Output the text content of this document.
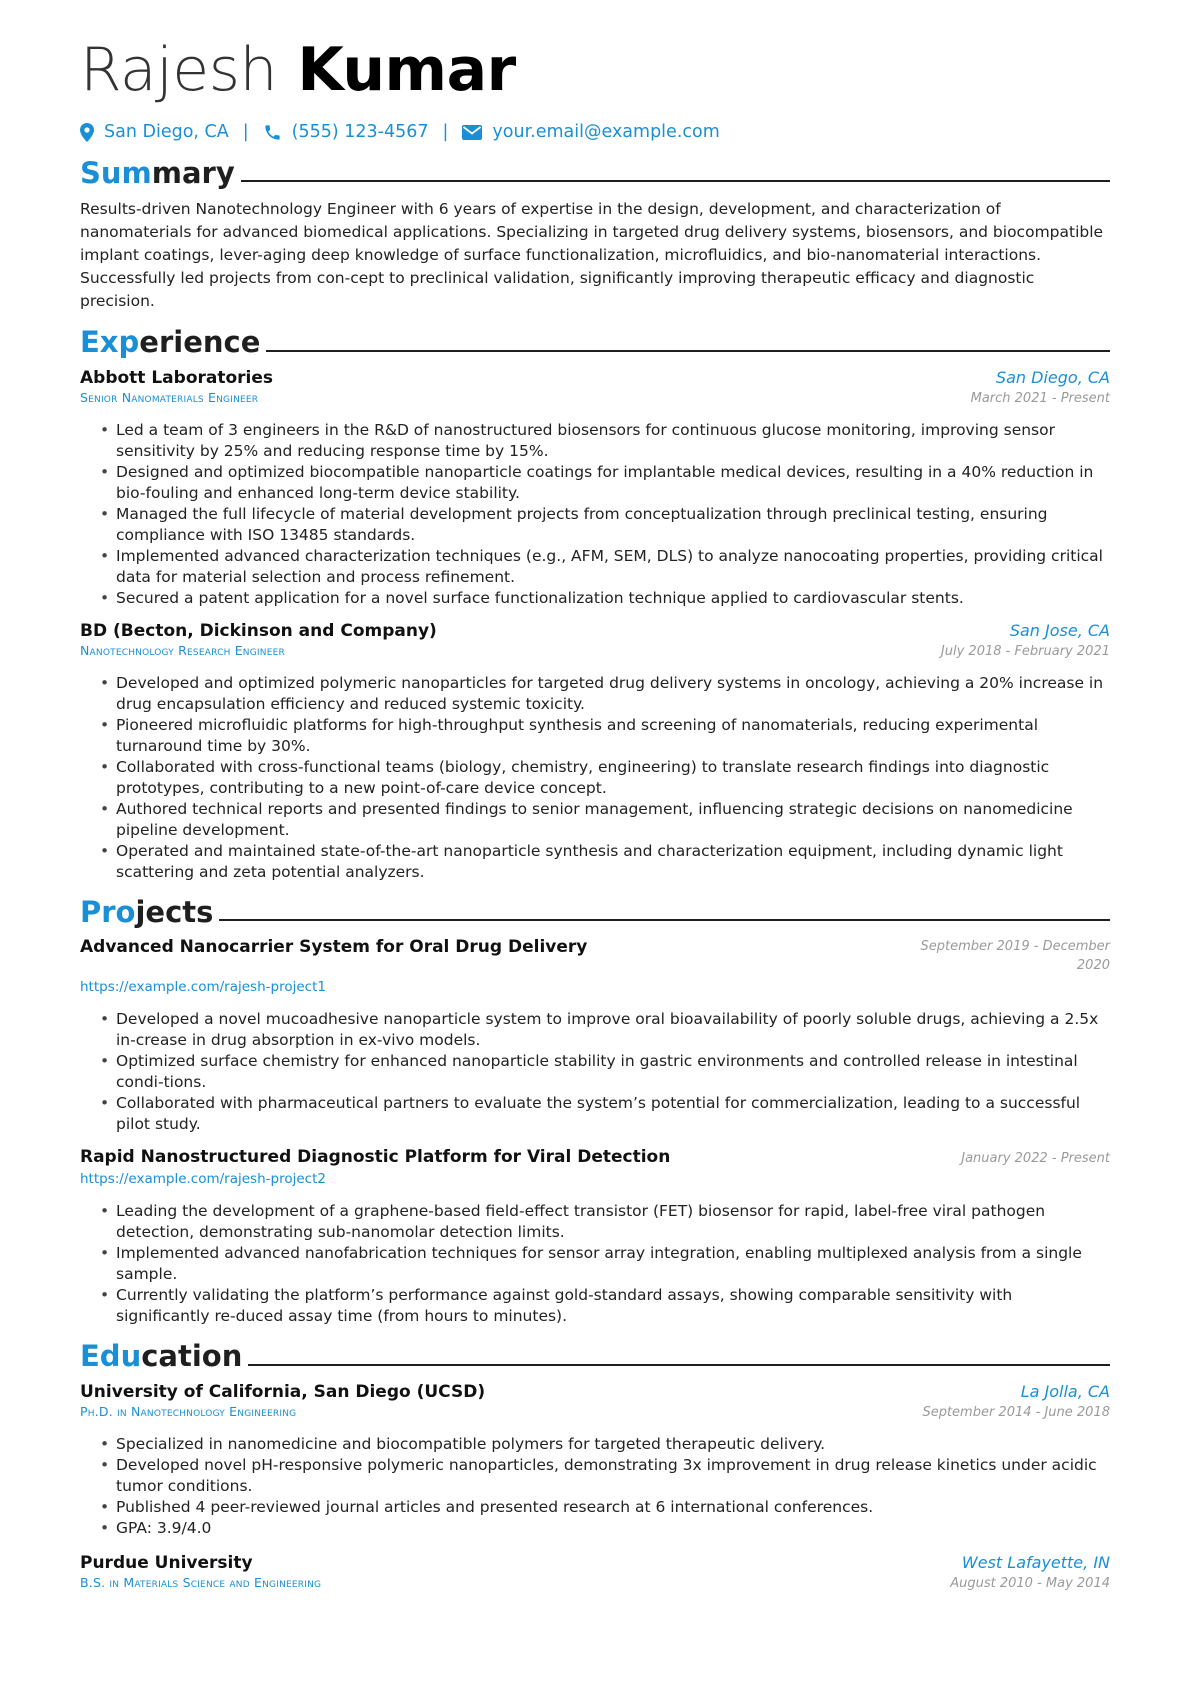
Rajesh Kumar
San Diego, CA | (555) 123-4567 |	your.email@example.com
Summary

Results-driven Nanotechnology Engineer with 6 years of expertise in the design, development, and characterization of nanomaterials for advanced biomedical applications. Specializing in targeted drug delivery systems, biosensors, and biocompatible implant coatings, lever-aging deep knowledge of surface functionalization, microfluidics, and bio-nanomaterial interactions. Successfully led projects from con-cept to preclinical validation, significantly improving therapeutic efficacy and diagnostic precision.

Experience
Abbott Laboratories	San Diego, CA
Senior Nanomaterials Engineer	March 2021 - Present
• Led a team of 3 engineers in the R&D of nanostructured biosensors for continuous glucose monitoring, improving sensor sensitivity by 25% and reducing response time by 15%.
• Designed and optimized biocompatible nanoparticle coatings for implantable medical devices, resulting in a 40% reduction in bio-fouling and enhanced long-term device stability.
• Managed the full lifecycle of material development projects from conceptualization through preclinical testing, ensuring compliance with ISO 13485 standards.
• Implemented advanced characterization techniques (e.g., AFM, SEM, DLS) to analyze nanocoating properties, providing critical data for material selection and process refinement.
• Secured a patent application for a novel surface functionalization technique applied to cardiovascular stents.
BD (Becton, Dickinson and Company)	San Jose, CA
Nanotechnology Research Engineer	July 2018 - February 2021
• Developed and optimized polymeric nanoparticles for targeted drug delivery systems in oncology, achieving a 20% increase in drug encapsulation efficiency and reduced systemic toxicity.
• Pioneered microfluidic platforms for high-throughput synthesis and screening of nanomaterials, reducing experimental turnaround time by 30%.
• Collaborated with cross-functional teams (biology, chemistry, engineering) to translate research findings into diagnostic prototypes, contributing to a new point-of-care device concept.
• Authored technical reports and presented findings to senior management, influencing strategic decisions on nanomedicine pipeline development.
• Operated and maintained state-of-the-art nanoparticle synthesis and characterization equipment, including dynamic light scattering and zeta potential analyzers.
Projects
Advanced Nanocarrier System for Oral Drug Delivery	September 2019 - December
2020
https://example.com/rajesh-project1
• Developed a novel mucoadhesive nanoparticle system to improve oral bioavailability of poorly soluble drugs, achieving a 2.5x in-crease in drug absorption in ex-vivo models.
• Optimized surface chemistry for enhanced nanoparticle stability in gastric environments and controlled release in intestinal condi-tions.
• Collaborated with pharmaceutical partners to evaluate the system’s potential for commercialization, leading to a successful pilot study.
Rapid Nanostructured Diagnostic Platform for Viral Detection	January 2022 - Present
https://example.com/rajesh-project2
• Leading the development of a graphene-based field-effect transistor (FET) biosensor for rapid, label-free viral pathogen detection, demonstrating sub-nanomolar detection limits.
• Implemented advanced nanofabrication techniques for sensor array integration, enabling multiplexed analysis from a single sample.
• Currently validating the platform’s performance against gold-standard assays, showing comparable sensitivity with significantly re-duced assay time (from hours to minutes).
Education
University of California, San Diego (UCSD)	La Jolla, CA
Ph.D. in Nanotechnology Engineering	September 2014 - June 2018
• Specialized in nanomedicine and biocompatible polymers for targeted therapeutic delivery.
• Developed novel pH-responsive polymeric nanoparticles, demonstrating 3x improvement in drug release kinetics under acidic tumor conditions.
• Published 4 peer-reviewed journal articles and presented research at 6 international conferences.
• GPA: 3.9/4.0
Purdue University	West Lafayette, IN
B.S. in Materials Science and Engineering	August 2010 - May 2014
